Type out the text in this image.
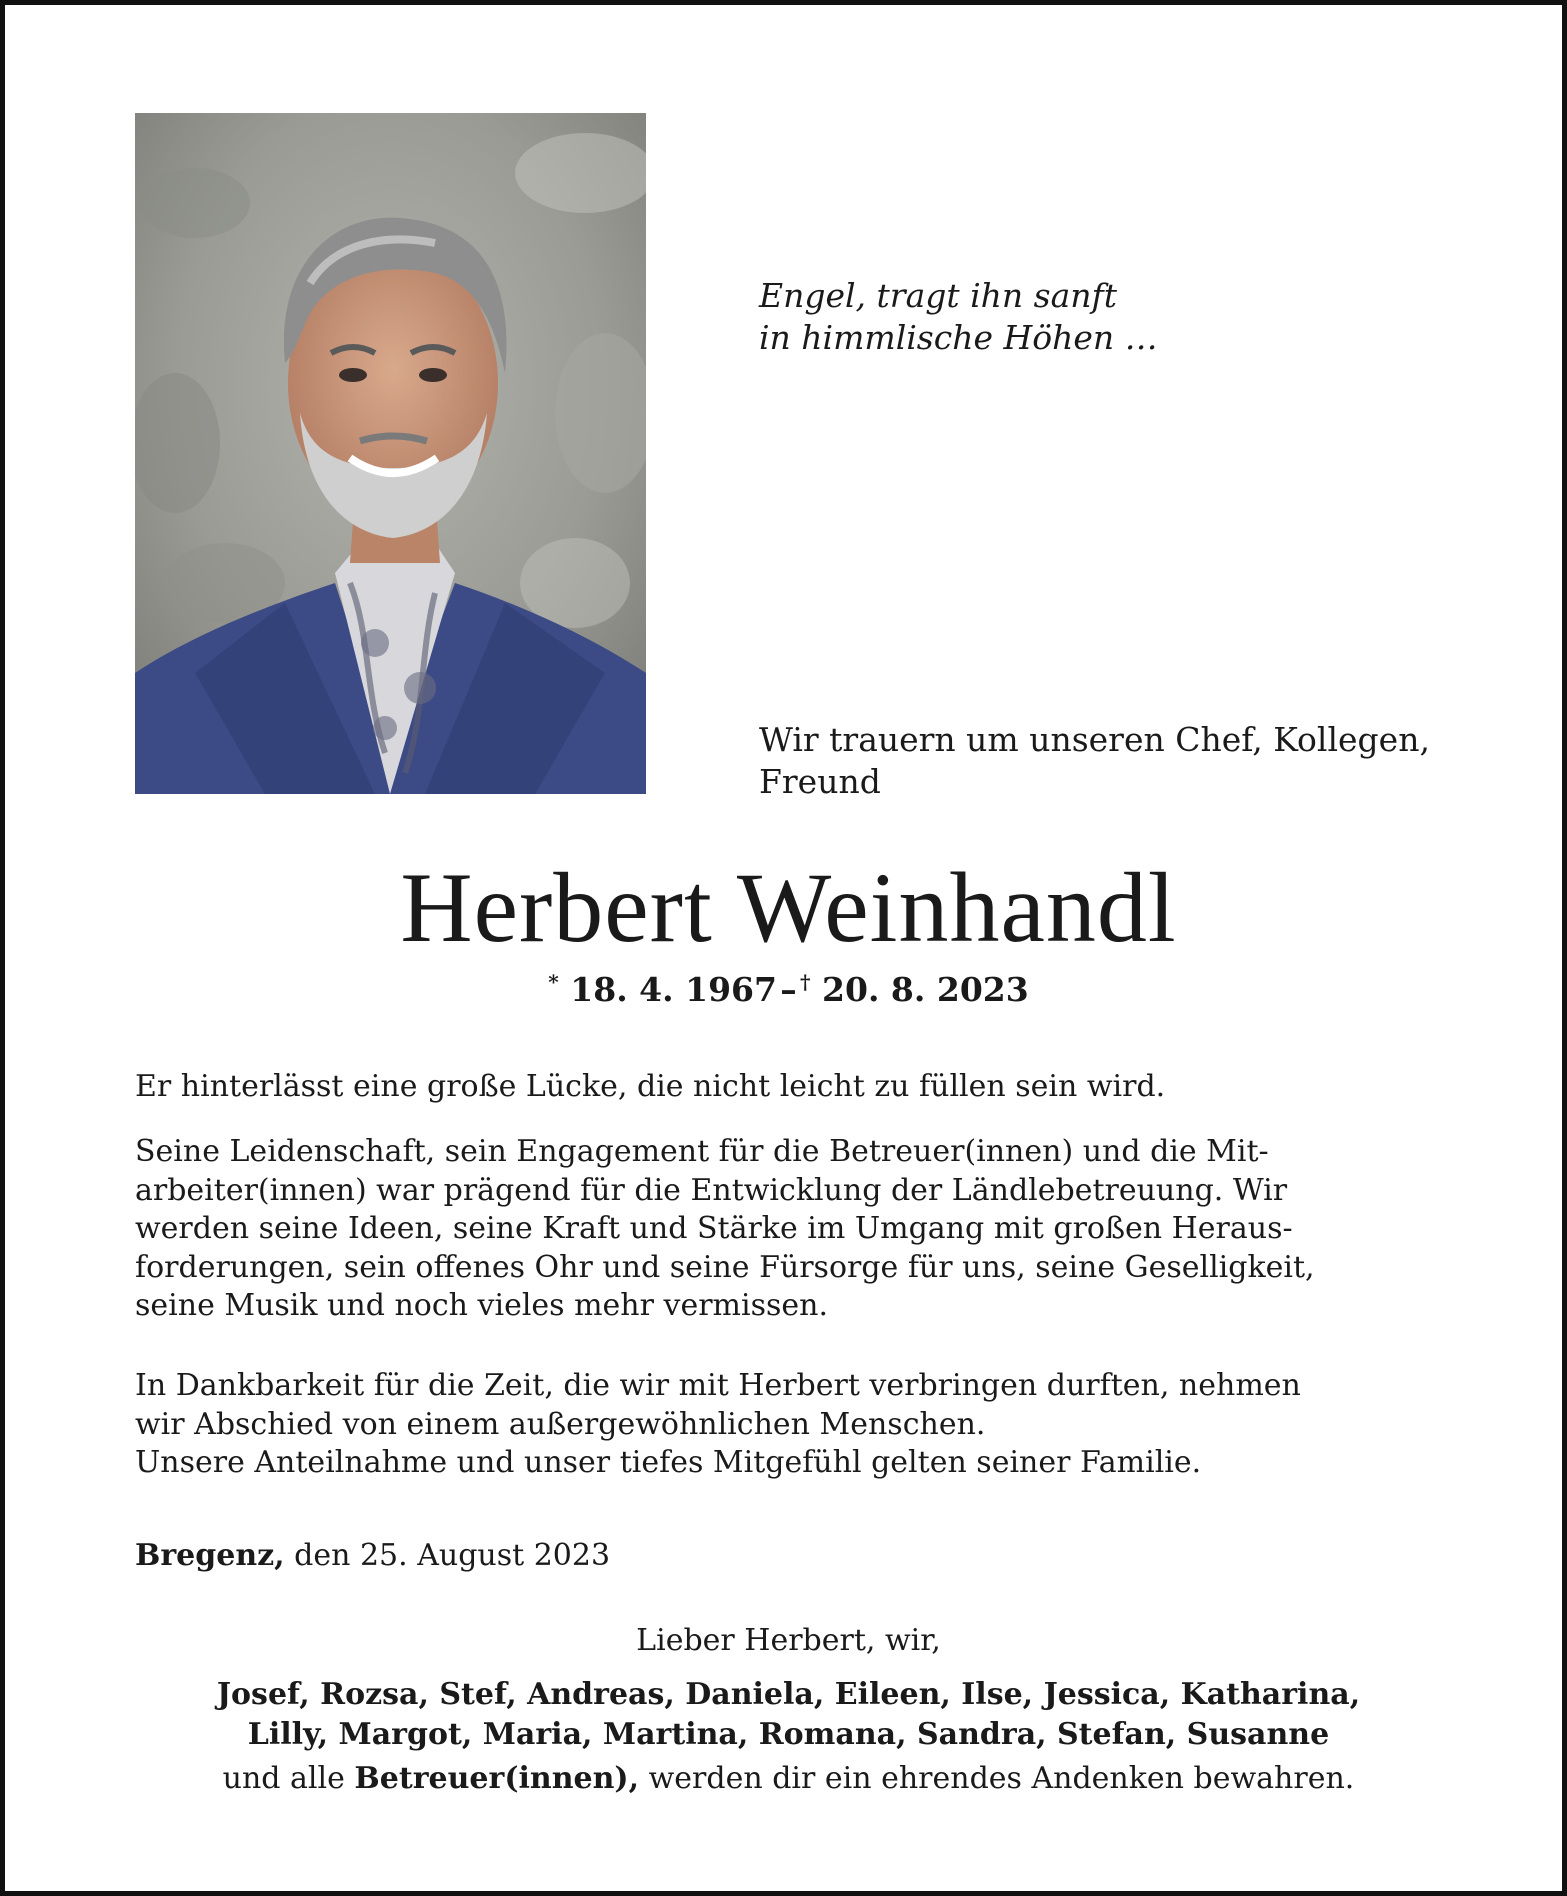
Engel, tragt ihn sanft
in himmlische Höhen …
Wir trauern um unseren Chef, Kollegen,
Freund
Herbert Weinhandl
* 18. 4. 1967 –  † 20. 8. 2023
Er hinterlässt eine große Lücke, die nicht leicht zu füllen sein wird.
Seine Leidenschaft, sein Engagement für die Betreuer(innen) und die Mit-
arbeiter(innen) war prägend für die Entwicklung der Ländlebetreuung. Wir
werden seine Ideen, seine Kraft und Stärke im Umgang mit großen Heraus-
forderungen, sein offenes Ohr und seine Fürsorge für uns, seine Geselligkeit,
seine Musik und noch vieles mehr vermissen.
In Dankbarkeit für die Zeit, die wir mit Herbert verbringen durften, nehmen
wir Abschied von einem außergewöhnlichen Menschen.
Unsere Anteilnahme und unser tiefes Mitgefühl gelten seiner Familie.
Bregenz, den 25. August 2023
Lieber Herbert, wir,
Josef, Rozsa, Stef, Andreas, Daniela, Eileen, Ilse, Jessica, Katharina,
Lilly, Margot, Maria, Martina, Romana, Sandra, Stefan, Susanne
und alle Betreuer(innen), werden dir ein ehrendes Andenken bewahren.
